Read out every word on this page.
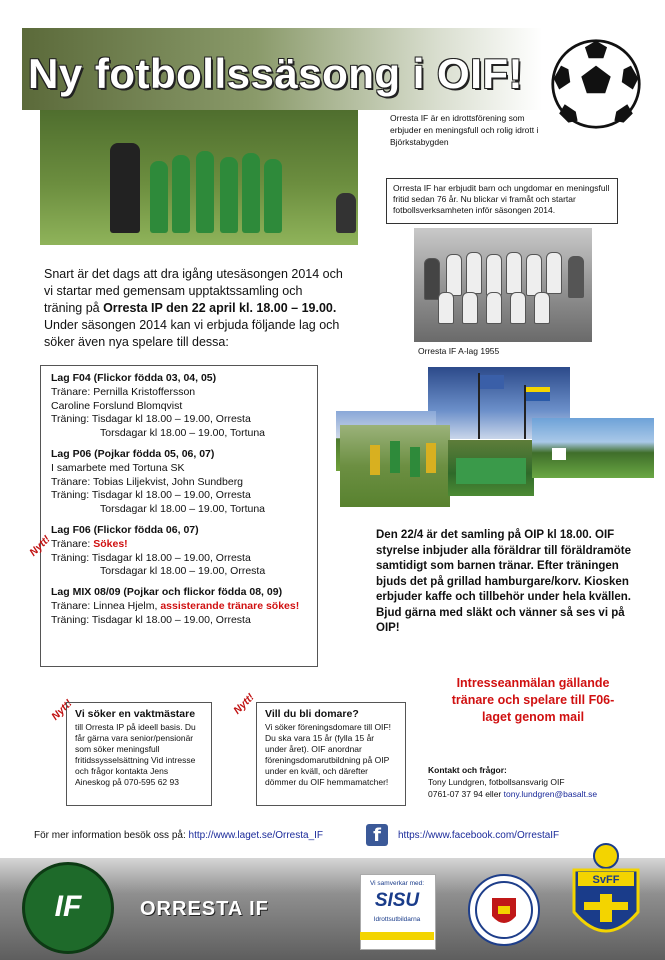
Ny fotbollssäsong i OIF!
Orresta IF är en idrottsförening som erbjuder en meningsfull och rolig idrott i Björkstabygden
Orresta IF har erbjudit barn och ungdomar en meningsfull fritid sedan 76 år. Nu blickar vi framåt och startar fotbollsverksamheten inför säsongen 2014.
Orresta IF A-lag 1955
Snart är det dags att dra igång utesäsongen 2014 och vi startar med gemensam upptaktssamling och träning på Orresta IP den 22 april kl. 18.00 – 19.00. Under säsongen 2014 kan vi erbjuda följande lag och söker även nya spelare till dessa:
Lag F04 (Flickor födda 03, 04, 05)
Tränare: Pernilla Kristoffersson
Caroline Forslund Blomqvist
Träning: Tisdagar kl 18.00 – 19.00, Orresta
Torsdagar kl 18.00 – 19.00, Tortuna
Lag P06 (Pojkar födda 05, 06, 07)
I samarbete med Tortuna SK
Tränare: Tobias Liljekvist, John Sundberg
Träning: Tisdagar kl 18.00 – 19.00, Orresta
Torsdagar kl 18.00 – 19.00, Tortuna
Lag F06 (Flickor födda 06, 07)
Tränare: Sökes!
Träning: Tisdagar kl 18.00 – 19.00, Orresta
Torsdagar kl 18.00 – 19.00, Orresta
Lag MIX 08/09 (Pojkar och flickor födda 08, 09)
Tränare: Linnea Hjelm, assisterande tränare sökes!
Träning: Tisdagar kl 18.00 – 19.00, Orresta
Nytt!	Den 22/4 är det samling på OIP kl 18.00. OIF styrelse inbjuder alla föräldrar till föräldramöte samtidigt som barnen tränar. Efter träningen bjuds det på grillad hamburgare/korv. Kiosken erbjuder kaffe och tillbehör under hela kvällen. Bjud gärna med släkt och vänner så ses vi på OIP!
Nytt! Vi söker en vaktmästare
till Orresta IP på ideell basis. Du får gärna vara senior/pensionär som söker meningsfull fritidssysselsättning Vid intresse och frågor kontakta Jens Aineskog på 070-595 62 93
Nytt! Vill du bli domare?
Vi söker föreningsdomare till OIF! Du ska vara 15 år (fylla 15 år under året). OIF anordnar föreningsdomarutbildning på OIP under en kväll, och därefter dömmer du OIF hemmamatcher!
Intresseanmälan gällande tränare och spelare till F06-laget genom mail
Kontakt och frågor:
Tony Lundgren, fotbollsansvarig OIF
0761-07 37 94 eller tony.lundgren@basalt.se
För mer information besök oss på: http://www.laget.se/Orresta_IF	f	https://www.facebook.com/OrrestaIF
IF	ORRESTA IF
Vi samverkar med:
SISU
Idrottsutbildarna
SvFF
